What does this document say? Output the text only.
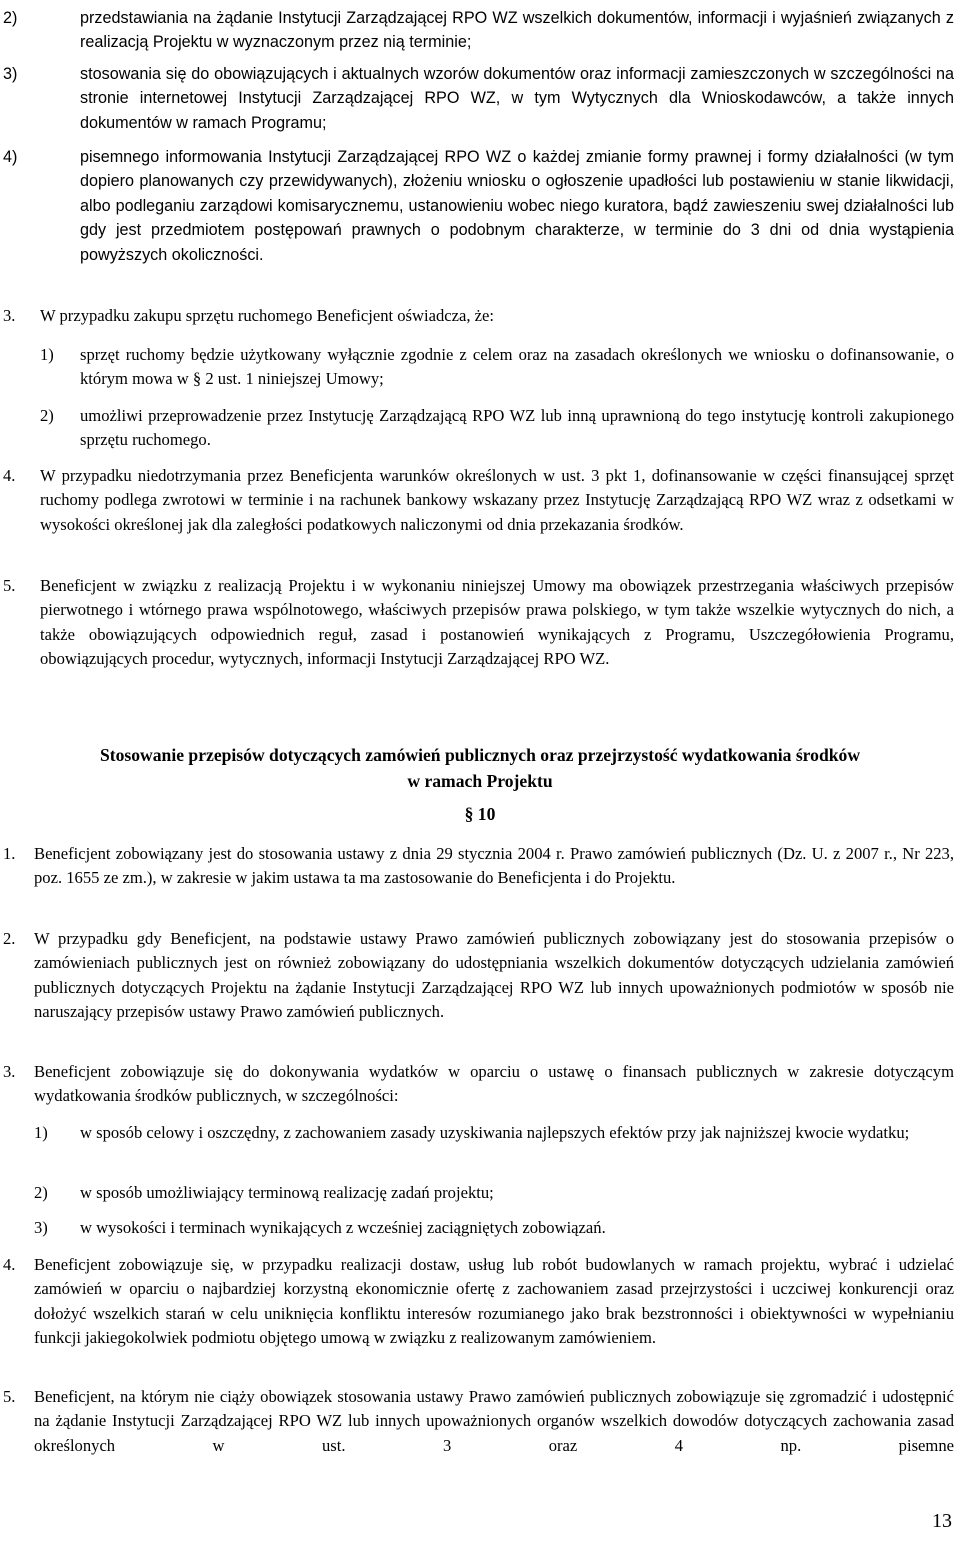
2)	przedstawiania na żądanie Instytucji Zarządzającej RPO WZ wszelkich dokumentów, informacji i wyjaśnień związanych z realizacją Projektu w wyznaczonym przez nią terminie;
3)	stosowania się do obowiązujących i aktualnych wzorów dokumentów oraz informacji zamieszczonych w szczególności na stronie internetowej Instytucji Zarządzającej RPO WZ, w tym Wytycznych dla Wnioskodawców, a także innych dokumentów w ramach Programu;
4)	pisemnego informowania Instytucji Zarządzającej RPO WZ o każdej zmianie formy prawnej i formy działalności (w tym dopiero planowanych czy przewidywanych), złożeniu wniosku o ogłoszenie upadłości lub postawieniu w stanie likwidacji, albo podleganiu zarządowi komisarycznemu, ustanowieniu wobec niego kuratora, bądź zawieszeniu swej działalności lub gdy jest przedmiotem postępowań prawnych o podobnym charakterze, w terminie do 3 dni od dnia wystąpienia powyższych okoliczności.
3. W przypadku zakupu sprzętu ruchomego Beneficjent oświadcza, że:
1) sprzęt ruchomy będzie użytkowany wyłącznie zgodnie z celem oraz na zasadach określonych we wniosku o dofinansowanie, o którym mowa w § 2 ust. 1 niniejszej Umowy;
2) umożliwi przeprowadzenie przez Instytucję Zarządzającą RPO WZ lub inną uprawnioną do tego instytucję kontroli zakupionego sprzętu ruchomego.
4. W przypadku niedotrzymania przez Beneficjenta warunków określonych w ust. 3 pkt 1, dofinansowanie w części finansującej sprzęt ruchomy podlega zwrotowi w terminie i na rachunek bankowy wskazany przez Instytucję Zarządzającą RPO WZ wraz z odsetkami w wysokości określonej jak dla zaległości podatkowych naliczonymi od dnia przekazania środków.
5. Beneficjent w związku z realizacją Projektu i w wykonaniu niniejszej Umowy ma obowiązek przestrzegania właściwych przepisów pierwotnego i wtórnego prawa wspólnotowego, właściwych przepisów prawa polskiego, w tym także wszelkie wytycznych do nich, a także obowiązujących odpowiednich reguł, zasad i postanowień wynikających z Programu, Uszczegółowienia Programu, obowiązujących procedur, wytycznych, informacji Instytucji Zarządzającej RPO WZ.
Stosowanie przepisów dotyczących zamówień publicznych oraz przejrzystość wydatkowania środków
w ramach Projektu
§ 10
1. Beneficjent zobowiązany jest do stosowania ustawy z dnia 29 stycznia 2004 r. Prawo zamówień publicznych (Dz. U. z 2007 r., Nr 223, poz. 1655 ze zm.), w zakresie w jakim ustawa ta ma zastosowanie do Beneficjenta i do Projektu.
2. W przypadku gdy Beneficjent, na podstawie ustawy Prawo zamówień publicznych zobowiązany jest do stosowania przepisów o zamówieniach publicznych jest on również zobowiązany do udostępniania wszelkich dokumentów dotyczących udzielania zamówień publicznych dotyczących Projektu na żądanie Instytucji Zarządzającej RPO WZ lub innych upoważnionych podmiotów w sposób nie naruszający przepisów ustawy Prawo zamówień publicznych.
3. Beneficjent zobowiązuje się do dokonywania wydatków w oparciu o ustawę o finansach publicznych w zakresie dotyczącym wydatkowania środków publicznych, w szczególności:
1) w sposób celowy i oszczędny, z zachowaniem zasady uzyskiwania najlepszych efektów przy jak najniższej kwocie wydatku;
2) w sposób umożliwiający terminową realizację zadań projektu;
3) w wysokości i terminach wynikających z wcześniej zaciągniętych zobowiązań.
4. Beneficjent zobowiązuje się, w przypadku realizacji dostaw, usług lub robót budowlanych w ramach projektu, wybrać i udzielać zamówień w oparciu o najbardziej korzystną ekonomicznie ofertę z zachowaniem zasad przejrzystości i uczciwej konkurencji oraz dołożyć wszelkich starań w celu uniknięcia konfliktu interesów rozumianego jako brak bezstronności i obiektywności w wypełnianiu funkcji jakiegokolwiek podmiotu objętego umową w związku z realizowanym zamówieniem.
5. Beneficjent, na którym nie ciąży obowiązek stosowania ustawy Prawo zamówień publicznych zobowiązuje się zgromadzić i udostępnić na żądanie Instytucji Zarządzającej RPO WZ lub innych upoważnionych organów wszelkich dowodów dotyczących zachowania zasad określonych w ust. 3 oraz 4 np. pisemne
13
